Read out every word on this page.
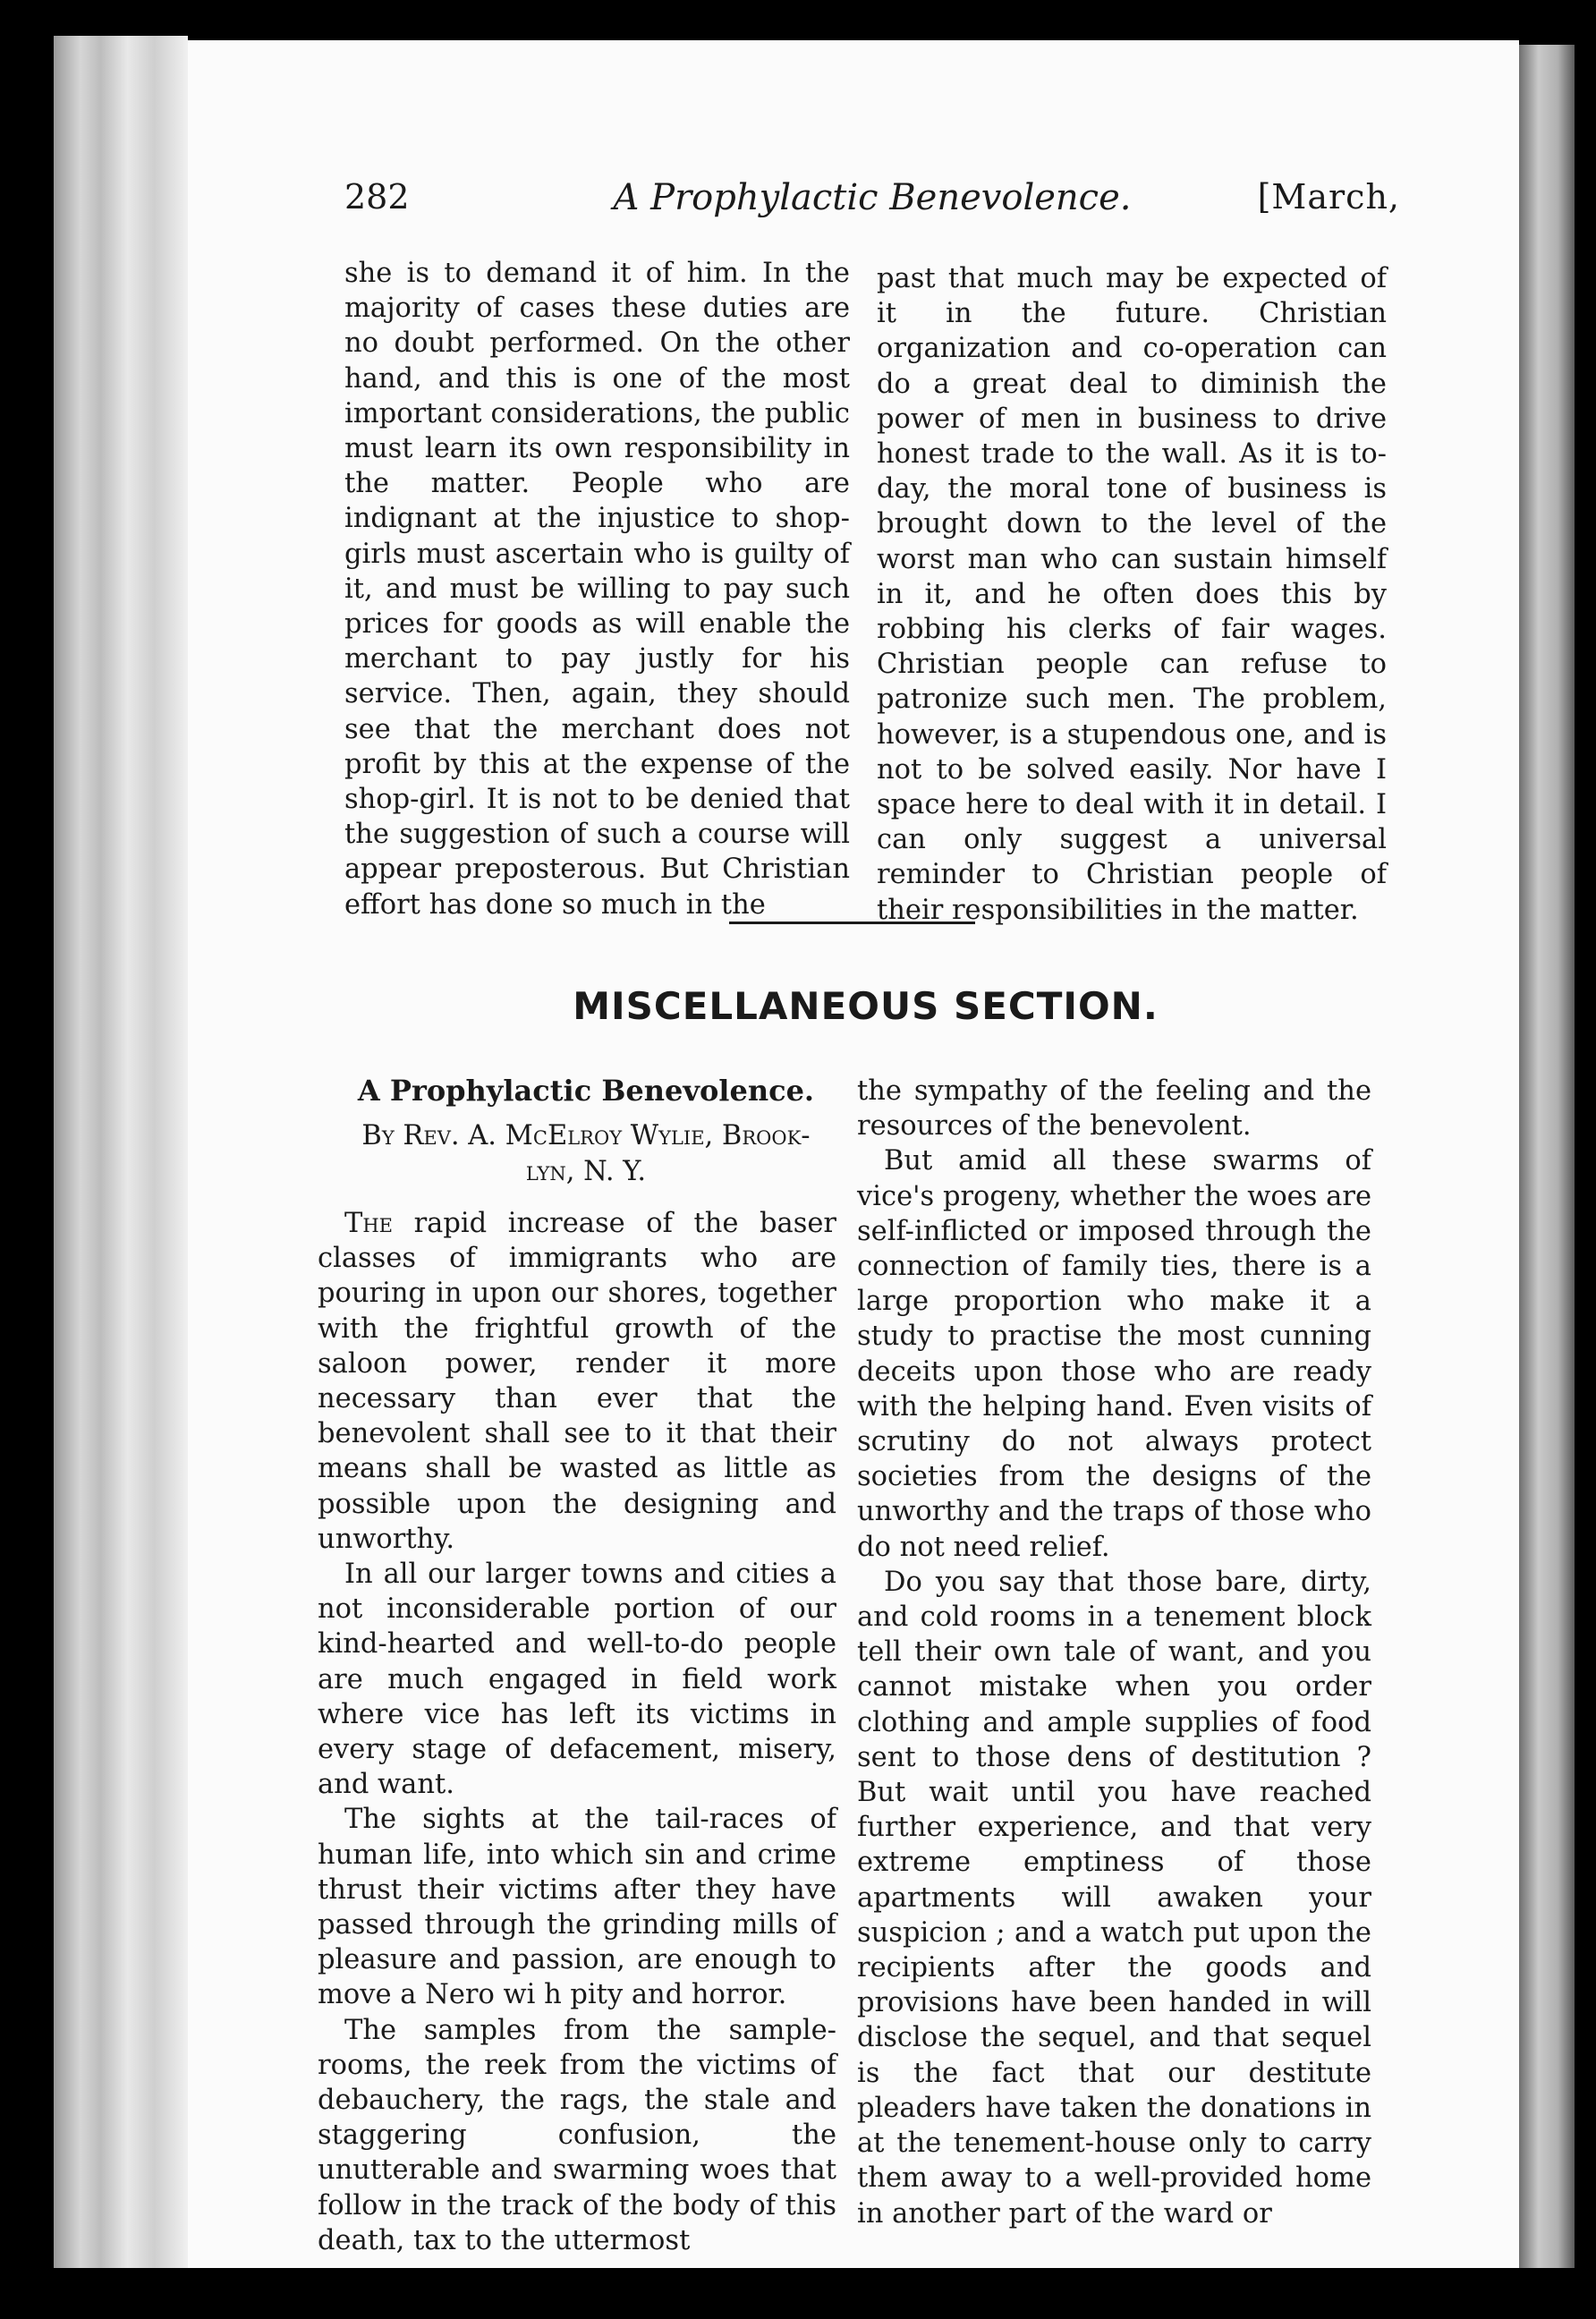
282	A Prophylactic Benevolence.	[March,

she is to demand it of him. In the majority of cases these duties are no doubt performed. On the other hand, and this is one of the most important considerations, the public must learn its own responsibility in the matter. People who are indignant at the injustice to shop-girls must ascertain who is guilty of it, and must be willing to pay such prices for goods as will enable the merchant to pay justly for his service. Then, again, they should see that the merchant does not profit by this at the expense of the shop-girl. It is not to be denied that the suggestion of such a course will appear preposterous. But Christian effort has done so much in the

past that much may be expected of it in the future. Christian organization and co-operation can do a great deal to diminish the power of men in business to drive honest trade to the wall. As it is to-day, the moral tone of business is brought down to the level of the worst man who can sustain himself in it, and he often does this by robbing his clerks of fair wages. Christian people can refuse to patronize such men. The problem, however, is a stupendous one, and is not to be solved easily. Nor have I space here to deal with it in detail. I can only suggest a universal reminder to Christian people of their responsibilities in the matter.

MISCELLANEOUS SECTION.
A Prophylactic Benevolence.
By Rev. A. McElroy Wylie, Brook-
lyn, N. Y.

The rapid increase of the baser classes of immigrants who are pouring in upon our shores, together with the frightful growth of the saloon power, render it more necessary than ever that the benevolent shall see to it that their means shall be wasted as little as possible upon the designing and unworthy.

In all our larger towns and cities a not inconsiderable portion of our kind-hearted and well-to-do people are much engaged in field work where vice has left its victims in every stage of defacement, misery, and want.

The sights at the tail-races of human life, into which sin and crime thrust their victims after they have passed through the grinding mills of pleasure and passion, are enough to move a Nero wi h pity and horror.

The samples from the sample-rooms, the reek from the victims of debauchery, the rags, the stale and staggering confusion, the unutterable and swarming woes that follow in the track of the body of this death, tax to the uttermost

the sympathy of the feeling and the resources of the benevolent.

But amid all these swarms of vice's progeny, whether the woes are self-inflicted or imposed through the connection of family ties, there is a large proportion who make it a study to practise the most cunning deceits upon those who are ready with the helping hand. Even visits of scrutiny do not always protect societies from the designs of the unworthy and the traps of those who do not need relief.

Do you say that those bare, dirty, and cold rooms in a tenement block tell their own tale of want, and you cannot mistake when you order clothing and ample supplies of food sent to those dens of destitution ? But wait until you have reached further experience, and that very extreme emptiness of those apartments will awaken your suspicion ; and a watch put upon the recipients after the goods and provisions have been handed in will disclose the sequel, and that sequel is the fact that our destitute pleaders have taken the donations in at the tenement-house only to carry them away to a well-provided home in another part of the ward or
